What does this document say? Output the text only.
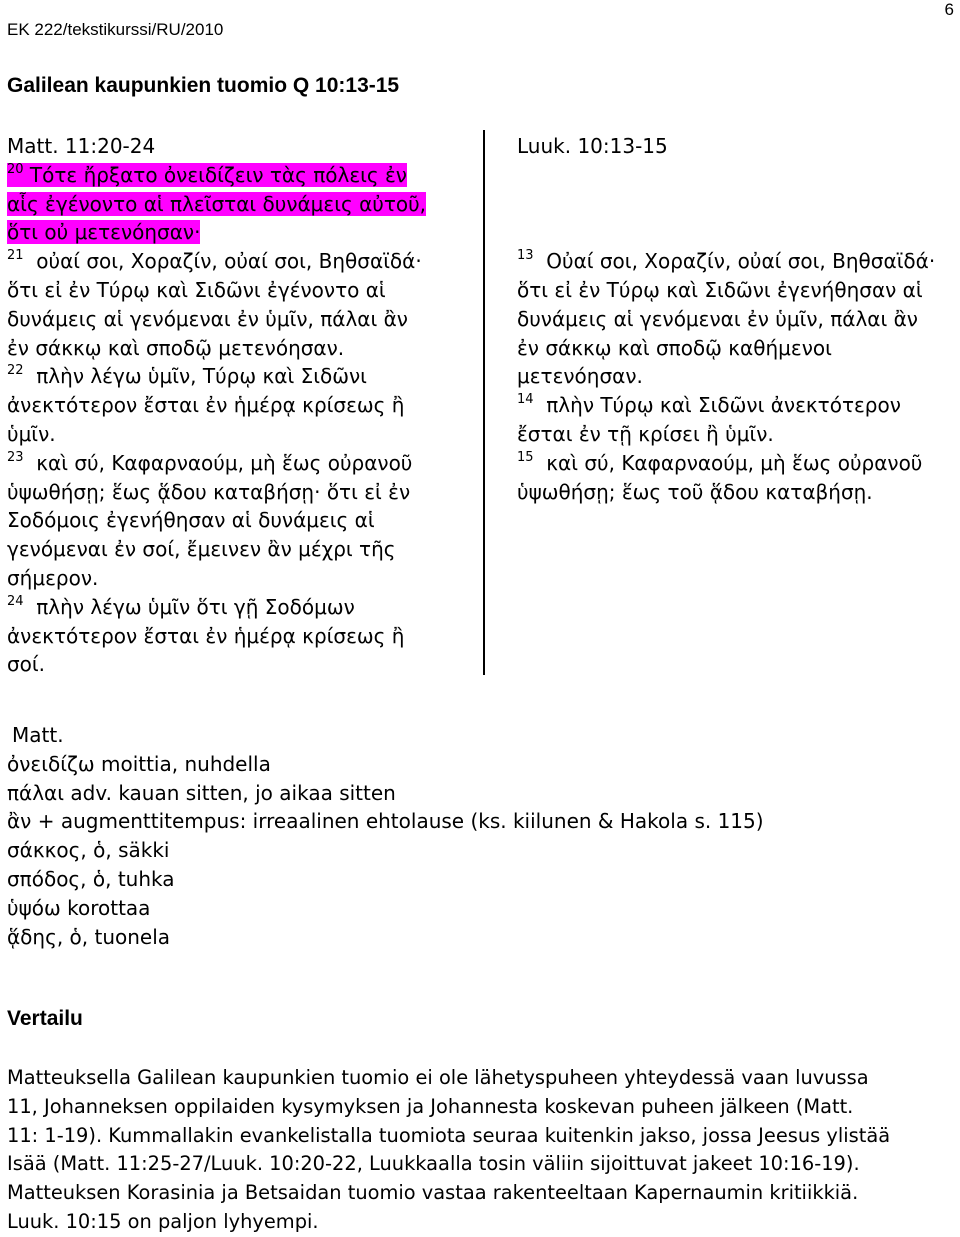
EK 222/tekstikurssi/RU/2010
6
Galilean kaupunkien tuomio Q 10:13-15
Matt. 11:20-24
$^{20}$ Τότε ἤρξατο ὀνειδίζειν τὰς πόλεις ἐν
αἷς ἐγένοντο αἱ πλεῖσται δυνάμεις αὐτοῦ,
ὅτι οὐ μετενόησαν·
$^{21}$  οὐαί σοι, Χοραζίν, οὐαί σοι, Βηθσαϊδά·
ὅτι εἰ ἐν Τύρῳ καὶ Σιδῶνι ἐγένοντο αἱ
δυνάμεις αἱ γενόμεναι ἐν ὑμῖν, πάλαι ἂν
ἐν σάκκῳ καὶ σποδῷ μετενόησαν.
$^{22}$  πλὴν λέγω ὑμῖν, Τύρῳ καὶ Σιδῶνι
ἀνεκτότερον ἔσται ἐν ἡμέρᾳ κρίσεως ἢ
ὑμῖν.
$^{23}$  καὶ σύ, Καφαρναούμ, μὴ ἕως οὐρανοῦ
ὑψωθήσῃ; ἕως ᾅδου καταβήσῃ· ὅτι εἰ ἐν
Σοδόμοις ἐγενήθησαν αἱ δυνάμεις αἱ
γενόμεναι ἐν σοί, ἔμεινεν ἂν μέχρι τῆς
σήμερον.
$^{24}$  πλὴν λέγω ὑμῖν ὅτι γῇ Σοδόμων
ἀνεκτότερον ἔσται ἐν ἡμέρᾳ κρίσεως ἢ
σοί.
Luuk. 10:13-15
$^{13}$  Οὐαί σοι, Χοραζίν, οὐαί σοι, Βηθσαϊδά·
ὅτι εἰ ἐν Τύρῳ καὶ Σιδῶνι ἐγενήθησαν αἱ
δυνάμεις αἱ γενόμεναι ἐν ὑμῖν, πάλαι ἂν
ἐν σάκκῳ καὶ σποδῷ καθήμενοι
μετενόησαν.
$^{14}$  πλὴν Τύρῳ καὶ Σιδῶνι ἀνεκτότερον
ἔσται ἐν τῇ κρίσει ἢ ὑμῖν.
$^{15}$  καὶ σύ, Καφαρναούμ, μὴ ἕως οὐρανοῦ
ὑψωθήσῃ; ἕως τοῦ ᾅδου καταβήσῃ.
Matt.
ὀνειδίζω moittia, nuhdella
πάλαι adv. kauan sitten, jo aikaa sitten
ἂν + augmenttitempus: irreaalinen ehtolause (ks. kiilunen & Hakola s. 115)
σάκκος, ὁ, säkki
σπόδος, ὁ, tuhka
ὑψόω korottaa
ᾅδης, ὁ, tuonela
Vertailu
Matteuksella Galilean kaupunkien tuomio ei ole lähetyspuheen yhteydessä vaan luvussa
11, Johanneksen oppilaiden kysymyksen ja Johannesta koskevan puheen jälkeen (Matt.
11: 1-19). Kummallakin evankelistalla tuomiota seuraa kuitenkin jakso, jossa Jeesus ylistää
Isää (Matt. 11:25-27/Luuk. 10:20-22, Luukkaalla tosin väliin sijoittuvat jakeet 10:16-19).
Matteuksen Korasinia ja Betsaidan tuomio vastaa rakenteeltaan Kapernaumin kritiikkiä.
Luuk. 10:15 on paljon lyhyempi.
